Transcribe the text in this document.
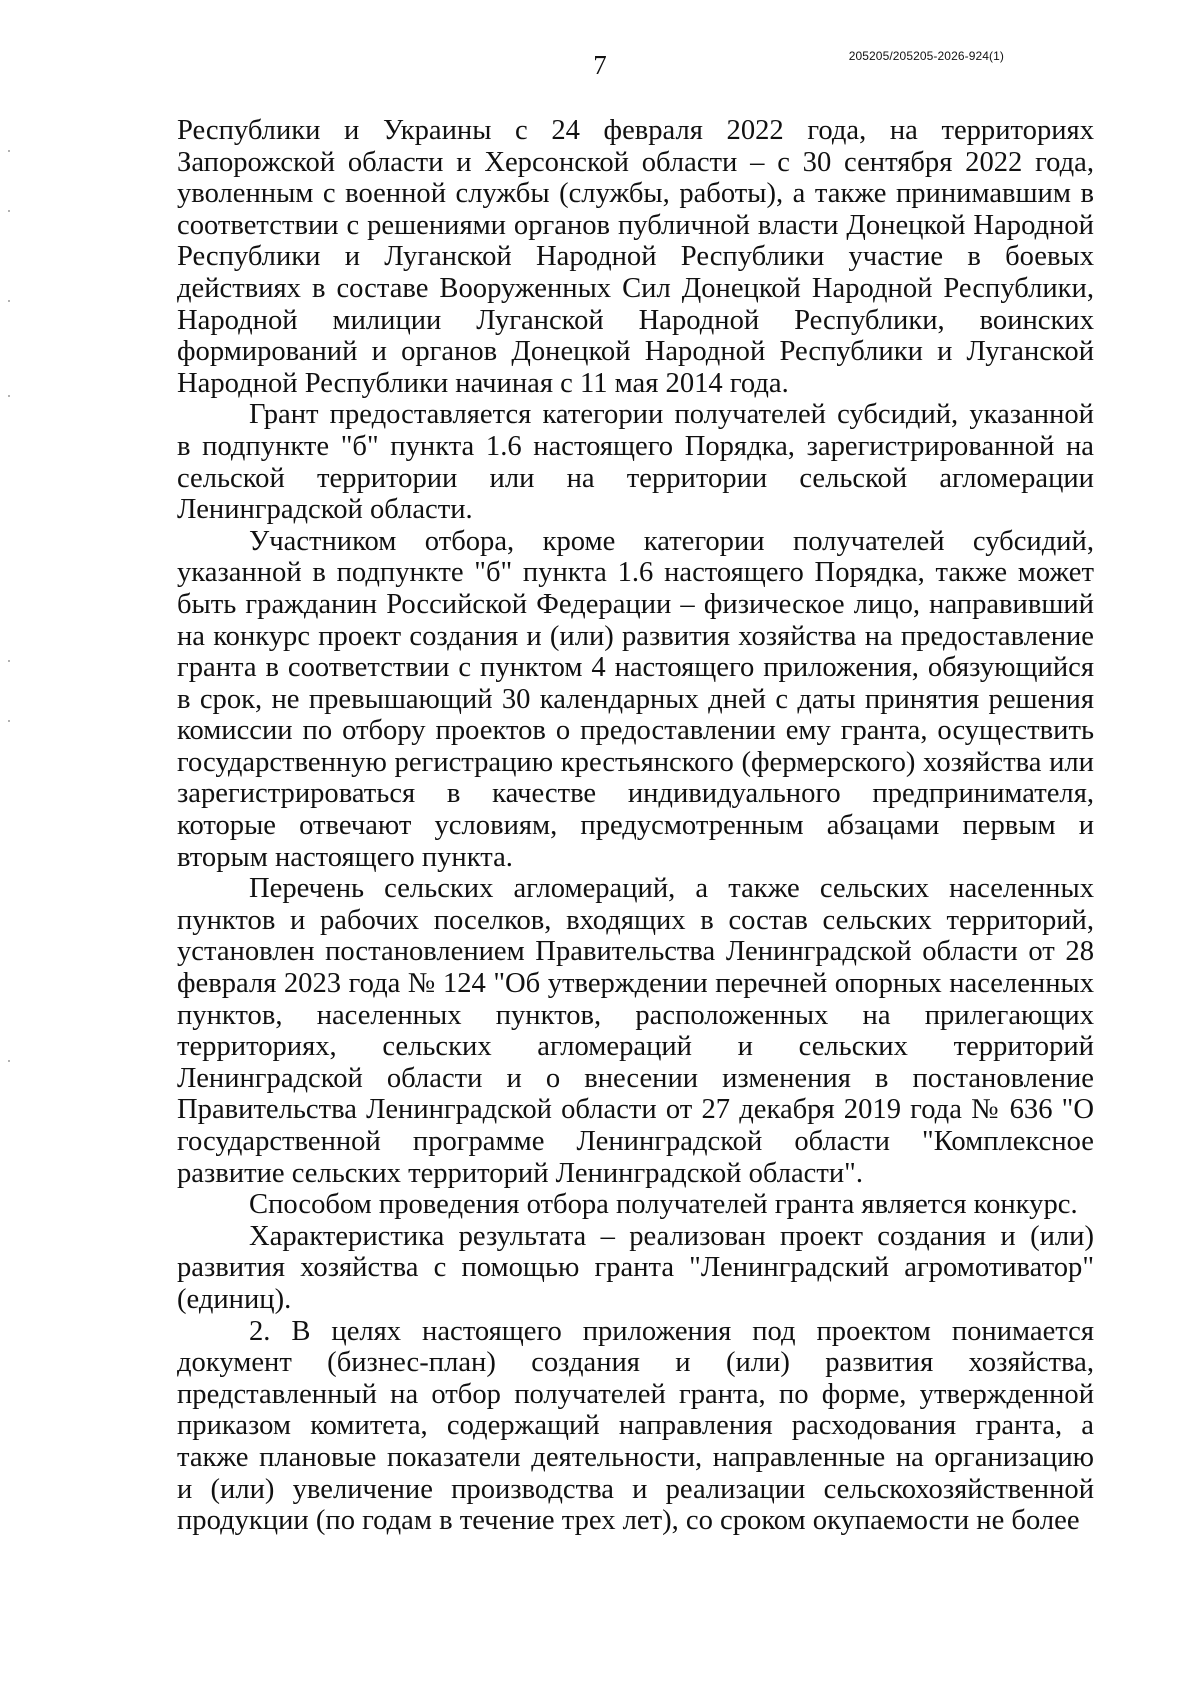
7	205205/205205-2026-924(1)

Республики и Украины с 24 февраля 2022 года, на территориях Запорожской области и Херсонской области – с 30 сентября 2022 года, уволенным с военной службы (службы, работы), а также принимавшим в соответствии с решениями органов публичной власти Донецкой Народной Республики и Луганской Народной Республики участие в боевых действиях в составе Вооруженных Сил Донецкой Народной Республики, Народной милиции Луганской Народной Республики, воинских формирований и органов Донецкой Народной Республики и Луганской Народной Республики начиная с 11 мая 2014 года.

Грант предоставляется категории получателей субсидий, указанной в подпункте "б" пункта 1.6 настоящего Порядка, зарегистрированной на сельской территории или на территории сельской агломерации Ленинградской области.

Участником отбора, кроме категории получателей субсидий, указанной в подпункте "б" пункта 1.6 настоящего Порядка, также может быть гражданин Российской Федерации – физическое лицо, направивший на конкурс проект создания и (или) развития хозяйства на предоставление гранта в соответствии с пунктом 4 настоящего приложения, обязующийся в срок, не превышающий 30 календарных дней с даты принятия решения комиссии по отбору проектов о предоставлении ему гранта, осуществить государственную регистрацию крестьянского (фермерского) хозяйства или зарегистрироваться в качестве индивидуального предпринимателя, которые отвечают условиям, предусмотренным абзацами первым и вторым настоящего пункта.

Перечень сельских агломераций, а также сельских населенных пунктов и рабочих поселков, входящих в состав сельских территорий, установлен постановлением Правительства Ленинградской области от 28 февраля 2023 года № 124 "Об утверждении перечней опорных населенных пунктов, населенных пунктов, расположенных на прилегающих территориях, сельских агломераций и сельских территорий Ленинградской области и о внесении изменения в постановление Правительства Ленинградской области от 27 декабря 2019 года № 636 "О государственной программе Ленинградской области "Комплексное развитие сельских территорий Ленинградской области".

Способом проведения отбора получателей гранта является конкурс.

Характеристика результата – реализован проект создания и (или) развития хозяйства с помощью гранта "Ленинградский агромотиватор" (единиц).

2. В целях настоящего приложения под проектом понимается документ (бизнес-план) создания и (или) развития хозяйства, представленный на отбор получателей гранта, по форме, утвержденной приказом комитета, содержащий направления расходования гранта, а также плановые показатели деятельности, направленные на организацию и (или) увеличение производства и реализации сельскохозяйственной продукции (по годам в течение трех лет), со сроком окупаемости не более
